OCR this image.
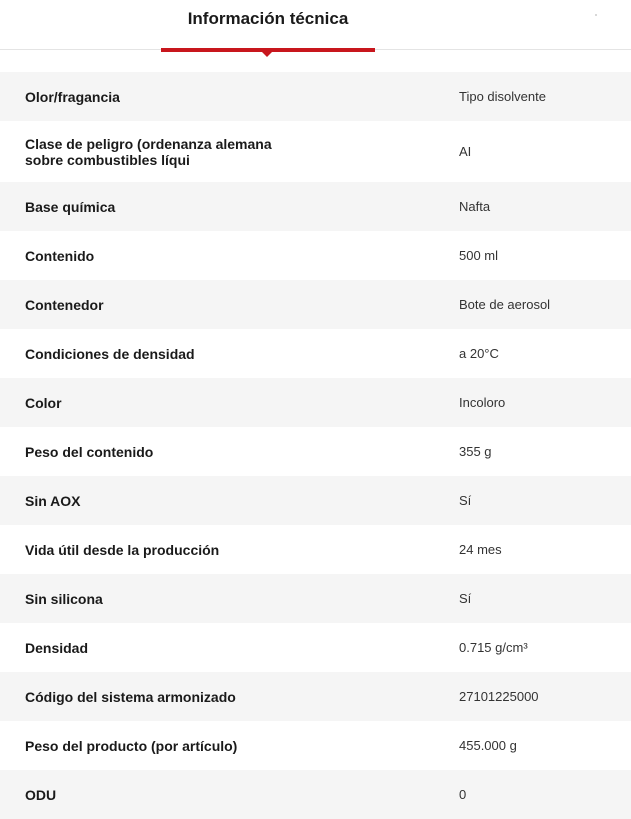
Información técnica
Olor/fragancia	Tipo disolvente
Clase de peligro (ordenanza alemana sobre combustibles líqui	AI
Base química	Nafta
Contenido	500 ml
Contenedor	Bote de aerosol
Condiciones de densidad	a 20°C
Color	Incoloro
Peso del contenido	355 g
Sin AOX	Sí
Vida útil desde la producción	24 mes
Sin silicona	Sí
Densidad	0.715 g/cm³
Código del sistema armonizado	27101225000
Peso del producto (por artículo)	455.000 g
ODU	0
